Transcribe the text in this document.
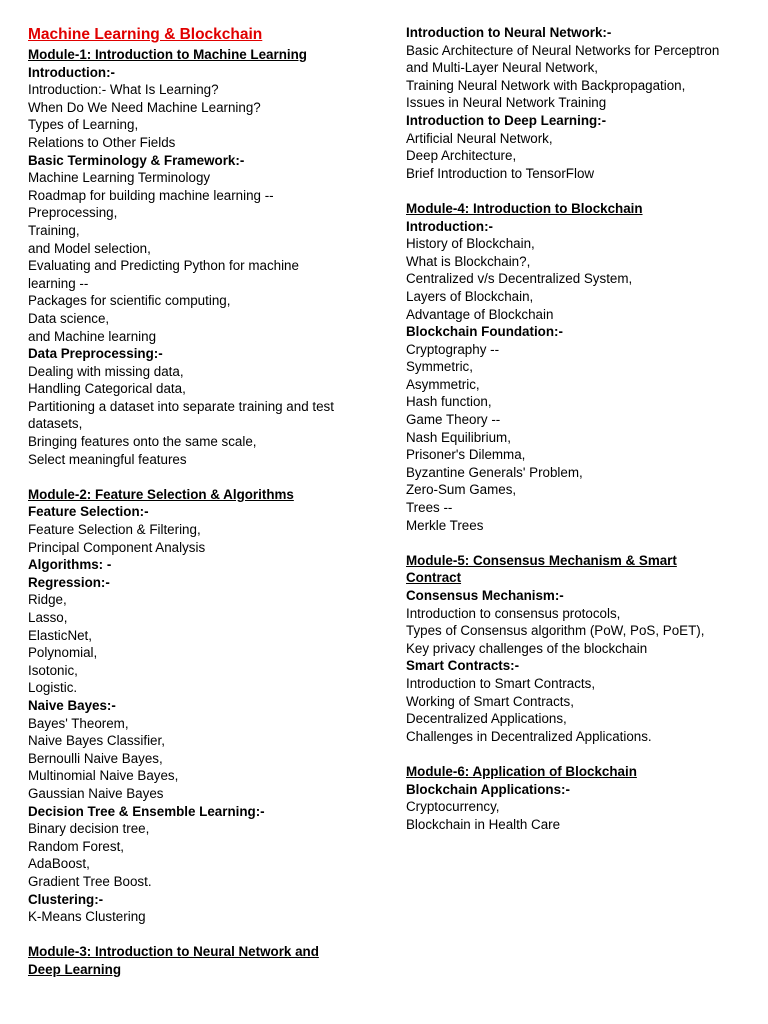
Machine Learning & Blockchain
Module-1: Introduction to Machine Learning
Introduction:-
Introduction:- What Is Learning?
When Do We Need Machine Learning?
Types of Learning,
Relations to Other Fields
Basic Terminology & Framework:-
Machine Learning Terminology
Roadmap for building machine learning --
Preprocessing,
Training,
and Model selection,
Evaluating and Predicting Python for machine
learning --
Packages for scientific computing,
Data science,
and Machine learning
Data Preprocessing:-
Dealing with missing data,
Handling Categorical data,
Partitioning a dataset into separate training and test
datasets,
Bringing features onto the same scale,
Select meaningful features
Module-2: Feature Selection & Algorithms
Feature Selection:-
Feature Selection & Filtering,
Principal Component Analysis
Algorithms: -
Regression:-
Ridge,
Lasso,
ElasticNet,
Polynomial,
Isotonic,
Logistic.
Naive Bayes:-
Bayes' Theorem,
Naive Bayes Classifier,
Bernoulli Naive Bayes,
Multinomial Naive Bayes,
Gaussian Naive Bayes
Decision Tree & Ensemble Learning:-
Binary decision tree,
Random Forest,
AdaBoost,
Gradient Tree Boost.
Clustering:-
K-Means Clustering
Module-3: Introduction to Neural Network and
Deep Learning
Introduction to Neural Network:-
Basic Architecture of Neural Networks for Perceptron
and Multi-Layer Neural Network,
Training Neural Network with Backpropagation,
Issues in Neural Network Training
Introduction to Deep Learning:-
Artificial Neural Network,
Deep Architecture,
Brief Introduction to TensorFlow
Module-4: Introduction to Blockchain
Introduction:-
History of Blockchain,
What is Blockchain?,
Centralized v/s Decentralized System,
Layers of Blockchain,
Advantage of Blockchain
Blockchain Foundation:-
Cryptography --
Symmetric,
Asymmetric,
Hash function,
Game Theory --
Nash Equilibrium,
Prisoner's Dilemma,
Byzantine Generals' Problem,
Zero-Sum Games,
Trees --
Merkle Trees
Module-5: Consensus Mechanism & Smart
Contract
Consensus Mechanism:-
Introduction to consensus protocols,
Types of Consensus algorithm (PoW, PoS, PoET),
Key privacy challenges of the blockchain
Smart Contracts:-
Introduction to Smart Contracts,
Working of Smart Contracts,
Decentralized Applications,
Challenges in Decentralized Applications.
Module-6: Application of Blockchain
Blockchain Applications:-
Cryptocurrency,
Blockchain in Health Care
